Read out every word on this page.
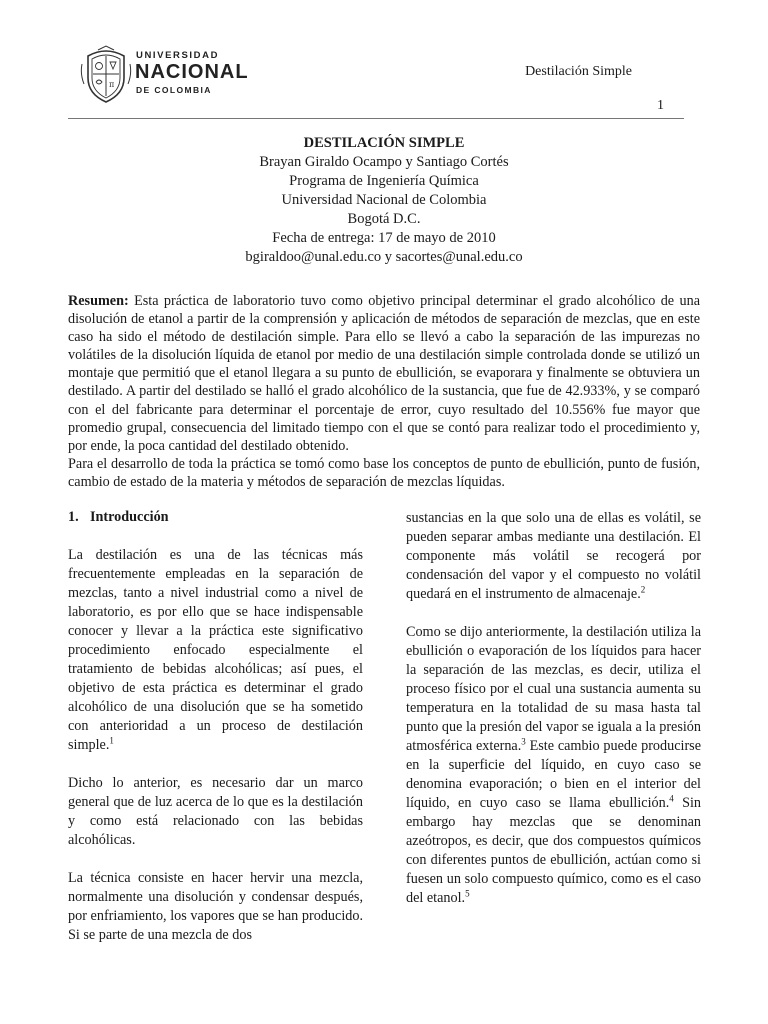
π
UNIVERSIDAD
NACIONAL
DE COLOMBIA
Destilación Simple
1
DESTILACIÓN SIMPLE
Brayan Giraldo Ocampo y Santiago Cortés
Programa de Ingeniería Química
Universidad Nacional de Colombia
Bogotá D.C.
Fecha de entrega: 17 de mayo de 2010
bgiraldoo@unal.edu.co y sacortes@unal.edu.co

Resumen: Esta práctica de laboratorio tuvo como objetivo principal determinar el grado alcohólico de una disolución de etanol a partir de la comprensión y aplicación de métodos de separación de mezclas, que en este caso ha sido el método de destilación simple. Para ello se llevó a cabo la separación de las impurezas no volátiles de la disolución líquida de etanol por medio de una destilación simple controlada donde se utilizó un montaje que permitió que el etanol llegara a su punto de ebullición, se evaporara y finalmente se obtuviera un destilado. A partir del destilado se halló el grado alcohólico de la sustancia, que fue de 42.933%, y se comparó con el del fabricante para determinar el porcentaje de error, cuyo resultado del 10.556% fue mayor que promedio grupal, consecuencia del limitado tiempo con el que se contó para realizar todo el procedimiento y, por ende, la poca cantidad del destilado obtenido.

Para el desarrollo de toda la práctica se tomó como base los conceptos de punto de ebullición, punto de fusión, cambio de estado de la materia y métodos de separación de mezclas líquidas.

1. Introducción

La destilación es una de las técnicas más frecuentemente empleadas en la separación de mezclas, tanto a nivel industrial como a nivel de laboratorio, es por ello que se hace indispensable conocer y llevar a la práctica este significativo procedimiento enfocado especialmente el tratamiento de bebidas alcohólicas; así pues, el objetivo de esta práctica es determinar el grado alcohólico de una disolución que se ha sometido con anterioridad a un proceso de destilación simple.$^1$

Dicho lo anterior, es necesario dar un marco general que de luz acerca de lo que es la destilación y como está relacionado con las bebidas alcohólicas.

La técnica consiste en hacer hervir una mezcla, normalmente una disolución y condensar después, por enfriamiento, los vapores que se han producido. Si se parte de una mezcla de dos

sustancias en la que solo una de ellas es volátil, se pueden separar ambas mediante una destilación. El componente más volátil se recogerá por condensación del vapor y el compuesto no volátil quedará en el instrumento de almacenaje.$^2$

Como se dijo anteriormente, la destilación utiliza la ebullición o evaporación de los líquidos para hacer la separación de las mezclas, es decir, utiliza el proceso físico por el cual una sustancia aumenta su temperatura en la totalidad de su masa hasta tal punto que la presión del vapor se iguala a la presión atmosférica externa.$^3$ Este cambio puede producirse en la superficie del líquido, en cuyo caso se denomina evaporación; o bien en el interior del líquido, en cuyo caso se llama ebullición.$^4$ Sin embargo hay mezclas que se denominan azeótropos, es decir, que dos compuestos químicos con diferentes puntos de ebullición, actúan como si fuesen un solo compuesto químico, como es el caso del etanol.$^5$
